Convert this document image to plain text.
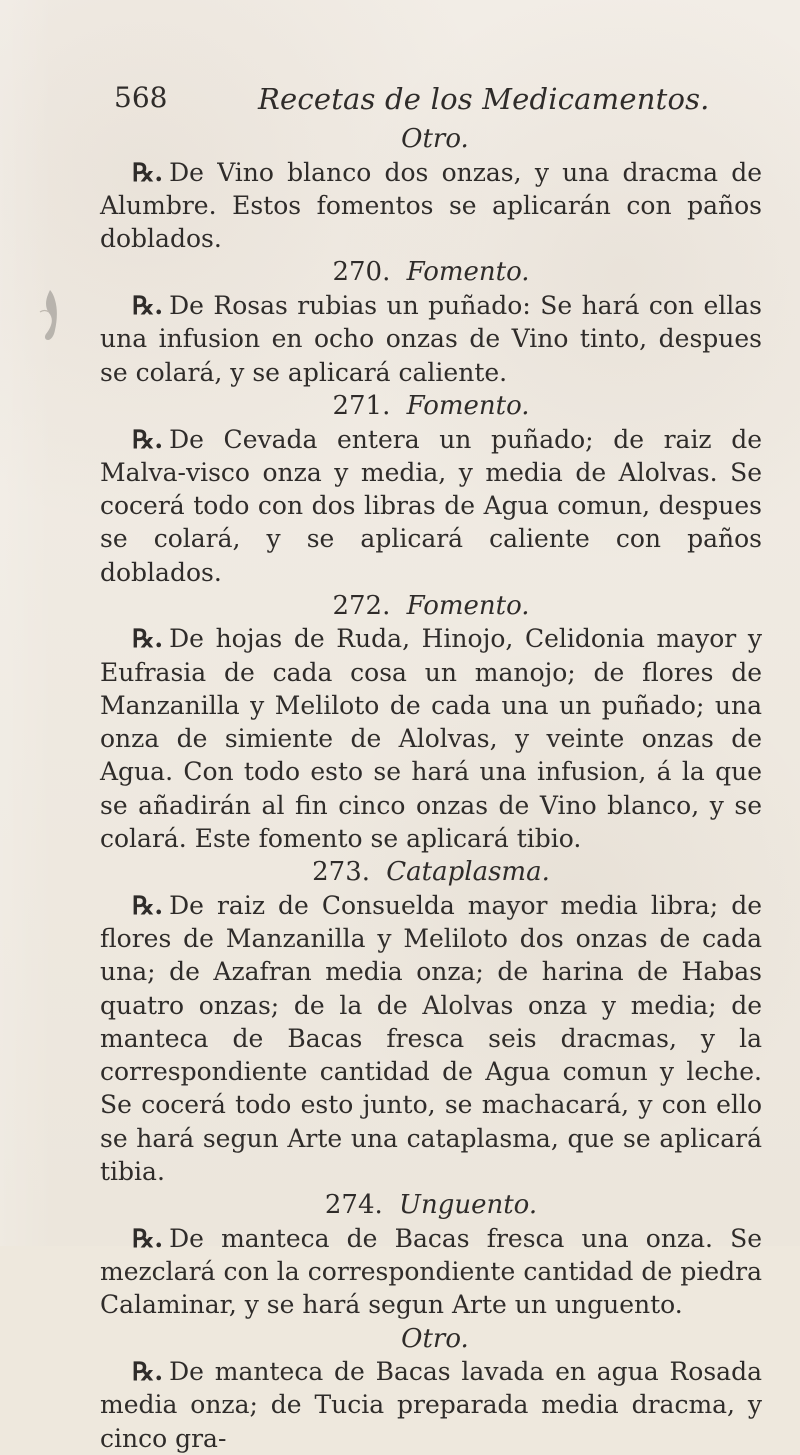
568	Recetas de los Medicamentos.
Otro.

℞. De Vino blanco dos onzas, y una dracma de Alumbre. Estos fomentos se aplicarán con paños doblados.

270. Fomento.

℞. De Rosas rubias un puñado: Se hará con ellas una infusion en ocho onzas de Vino tinto, despues se colará, y se aplicará caliente.

271. Fomento.

℞. De Cevada entera un puñado; de raiz de Malva-visco onza y media, y media de Alolvas. Se cocerá todo con dos libras de Agua comun, despues se colará, y se aplicará caliente con paños doblados.

272. Fomento.

℞. De hojas de Ruda, Hinojo, Celidonia mayor y Eufrasia de cada cosa un manojo; de flores de Manzanilla y Meliloto de cada una un puñado; una onza de simiente de Alolvas, y veinte onzas de Agua. Con todo esto se hará una infusion, á la que se añadirán al fin cinco onzas de Vino blanco, y se colará. Este fomento se aplicará tibio.

273. Cataplasma.

℞. De raiz de Consuelda mayor media libra; de flores de Manzanilla y Meliloto dos onzas de cada una; de Azafran media onza; de harina de Habas quatro onzas; de la de Alolvas onza y media; de manteca de Bacas fresca seis dracmas, y la correspondiente cantidad de Agua comun y leche. Se cocerá todo esto junto, se machacará, y con ello se hará segun Arte una cataplasma, que se aplicará tibia.

274. Unguento.

℞. De manteca de Bacas fresca una onza. Se mezclará con la correspondiente cantidad de piedra Calaminar, y se hará segun Arte un unguento.

Otro.

℞. De manteca de Bacas lavada en agua Rosada media onza; de Tucia preparada media dracma, y cinco gra-
